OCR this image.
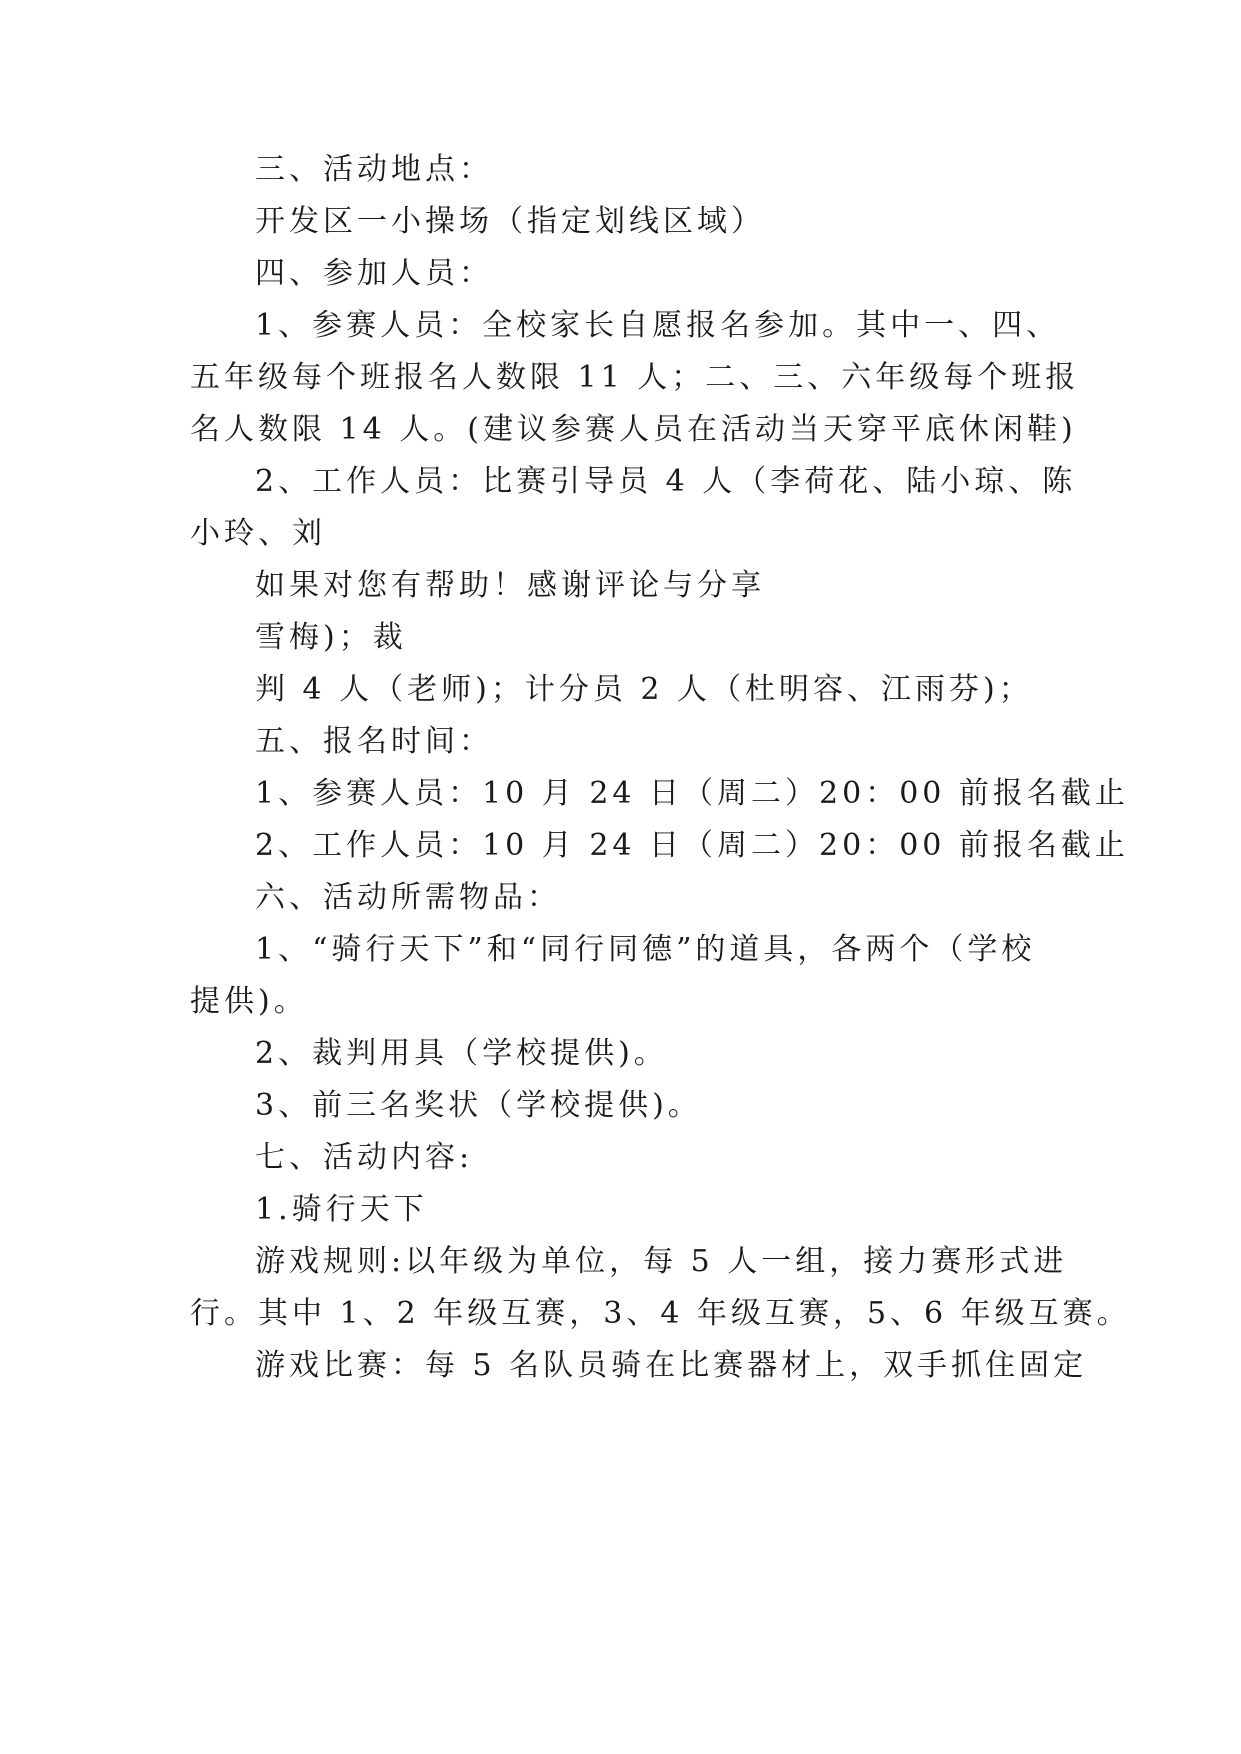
三、活动地点：
开发区一小操场（指定划线区域）
四、参加人员：
1、参赛人员：全校家长自愿报名参加。其中一、四、
五年级每个班报名人数限 11 人；二、三、六年级每个班报
名人数限 14 人。(建议参赛人员在活动当天穿平底休闲鞋)
2、工作人员：比赛引导员 4 人（李荷花、陆小琼、陈
小玲、刘
如果对您有帮助！感谢评论与分享
雪梅)；裁
判 4 人（老师)；计分员 2 人（杜明容、江雨芬)；
五、报名时间：
1、参赛人员：10 月 24 日（周二）20：00 前报名截止
2、工作人员：10 月 24 日（周二）20：00 前报名截止
六、活动所需物品：
1、“骑行天下”和“同行同德”的道具，各两个（学校
提供)。
2、裁判用具（学校提供)。
3、前三名奖状（学校提供)。
七、活动内容:
1.骑行天下
游戏规则:以年级为单位，每 5 人一组，接力赛形式进
行。其中 1、2 年级互赛，3、4 年级互赛，5、6 年级互赛。
游戏比赛：每 5 名队员骑在比赛器材上，双手抓住固定
